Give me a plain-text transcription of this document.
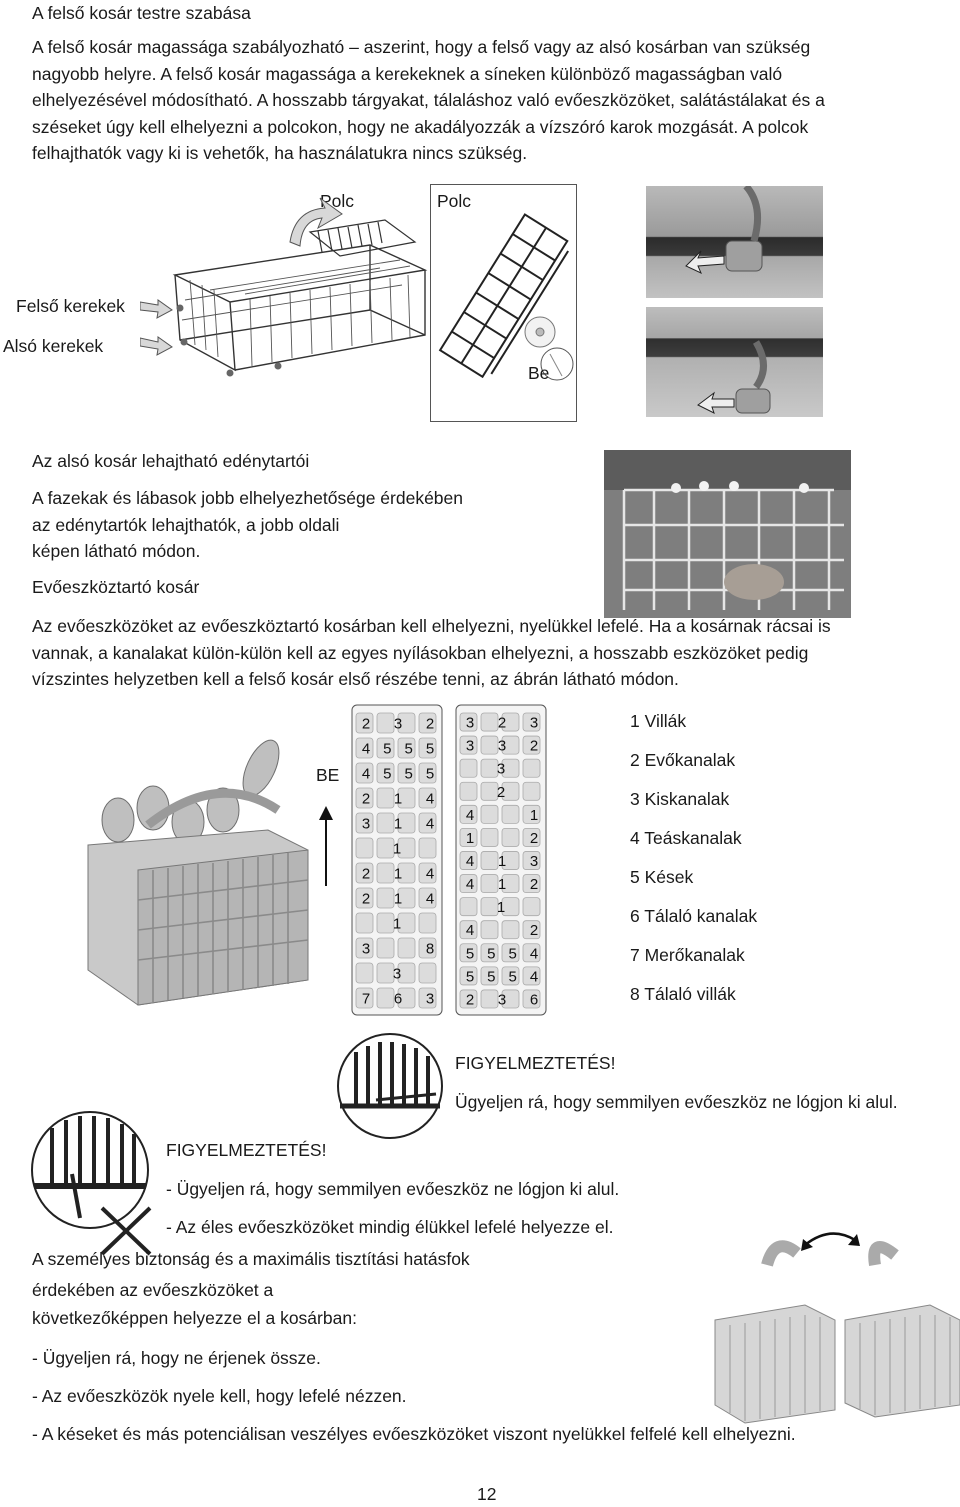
A felső kosár testre szabása
A felső kosár magassága szabályozható – aszerint, hogy a felső vagy az alsó kosárban van szükség
nagyobb helyre. A felső kosár magassága a kerekeknek a síneken különböző magasságban való
elhelyezésével módosítható. A hosszabb tárgyakat, tálaláshoz való evőeszközöket, salátástálakat és a
széseket úgy kell elhelyezni a polcokon, hogy ne akadályozzák a vízszóró karok mozgását. A polcok
felhajthatók vagy ki is vehetők, ha használatukra nincs szükség.
Polc
Felső kerekek
Alsó kerekek
Polc
Be
Az alsó kosár lehajtható edénytartói
A fazekak és lábasok jobb elhelyezhetősége érdekében
az edénytartók lehajthatók, a jobb oldali
képen látható módon.
Evőeszköztartó kosár
Az evőeszközöket az evőeszköztartó kosárban kell elhelyezni, nyelükkel lefelé. Ha a kosárnak rácsai is
vannak, a kanalakat külön-külön kell az egyes nyílásokban elhelyezni, a hosszabb eszközöket pedig
vízszintes helyzetben kell a felső kosár első részébe tenni, az ábrán látható módon.
BE
2 3 2
4 5 5 5
4 5 5 5
2 1 4
3 1 4
1
2 1 4
2 1 4
1
3	8
3
7 6 3
3 2 3
3 3 2
3
2
4	1
1	2
4 1 3
4 1 2
1
4	2
5 5 5 4
5 5 5 4
2 3 6
1 Villák
2 Evőkanalak
3 Kiskanalak
4 Teáskanalak
5 Kések
6 Tálaló kanalak
7 Merőkanalak
8 Tálaló villák
FIGYELMEZTETÉS!
Ügyeljen rá, hogy semmilyen evőeszköz ne lógjon ki alul.
FIGYELMEZTETÉS!
- Ügyeljen rá, hogy semmilyen evőeszköz ne lógjon ki alul.
- Az éles evőeszközöket mindig élükkel lefelé helyezze el.
A személyes biztonság és a maximális tisztítási hatásfok
érdekében az evőeszközöket a
következőképpen helyezze el a kosárban:
- Ügyeljen rá, hogy ne érjenek össze.
- Az evőeszközök nyele kell, hogy lefelé nézzen.
- A késeket és más potenciálisan veszélyes evőeszközöket viszont nyelükkel felfelé kell elhelyezni.
12
